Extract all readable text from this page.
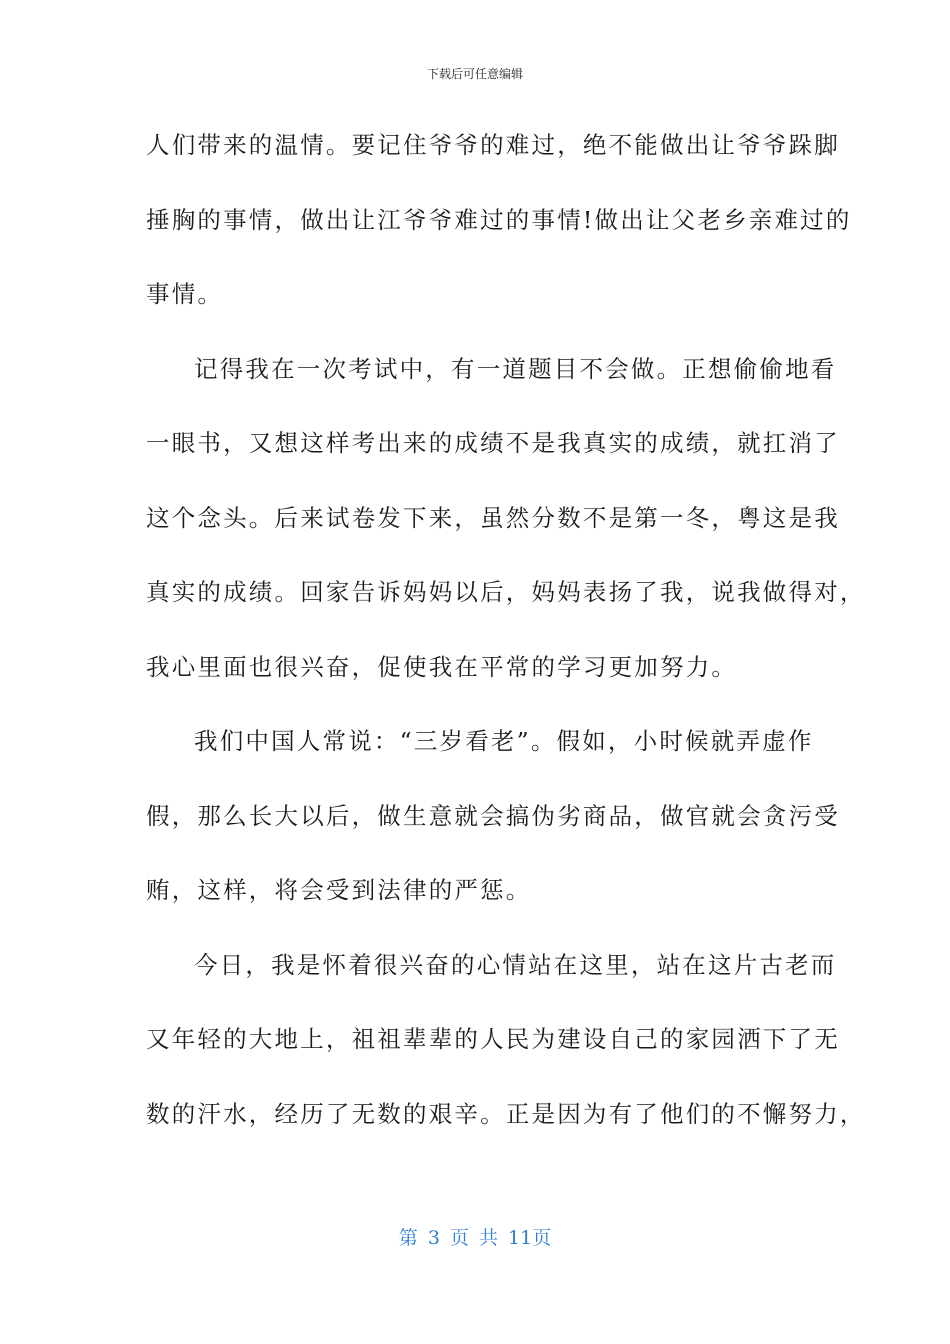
下载后可任意编辑
人们带来的温情。要记住爷爷的难过，绝不能做出让爷爷跺脚
捶胸的事情，做出让江爷爷难过的事情!做出让父老乡亲难过的
事情。
记得我在一次考试中，有一道题目不会做。正想偷偷地看
一眼书，又想这样考出来的成绩不是我真实的成绩，就扛消了
这个念头。后来试卷发下来，虽然分数不是第一冬，粤这是我
真实的成绩。回家告诉妈妈以后，妈妈表扬了我，说我做得对，
我心里面也很兴奋，促使我在平常的学习更加努力。
我们中国人常说：“三岁看老”。假如，小时候就弄虚作
假，那么长大以后，做生意就会搞伪劣商品，做官就会贪污受
贿，这样，将会受到法律的严惩。
今日，我是怀着很兴奋的心情站在这里，站在这片古老而
又年轻的大地上，祖祖辈辈的人民为建设自己的家园洒下了无
数的汗水，经历了无数的艰辛。正是因为有了他们的不懈努力，
第 3 页 共 11页
